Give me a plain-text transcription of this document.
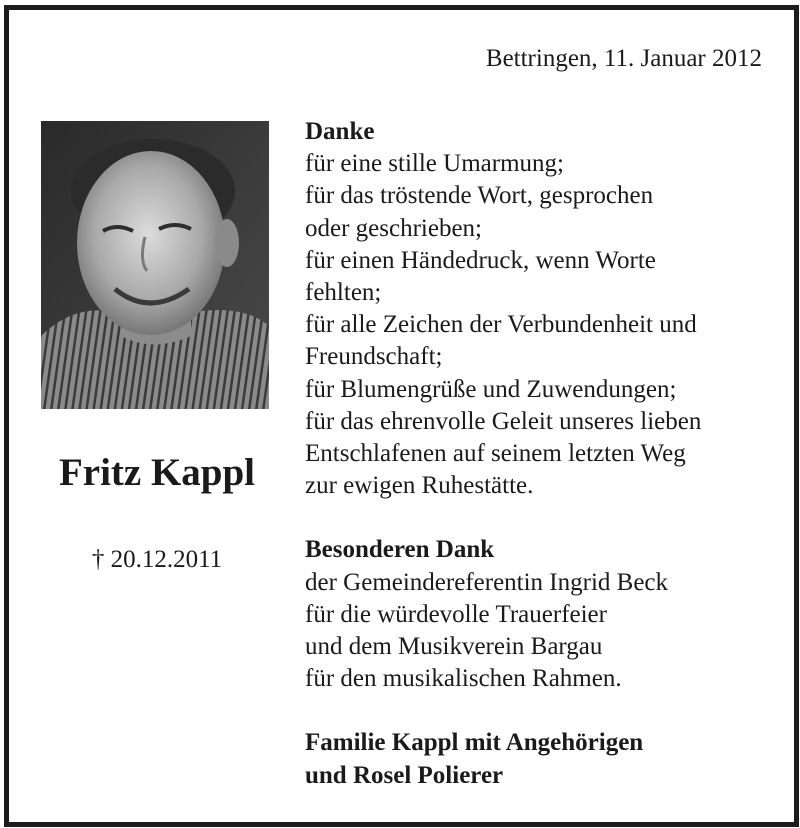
Bettringen, 11. Januar 2012
Fritz Kappl
† 20.12.2011
Danke
für eine stille Umarmung;
für das tröstende Wort, gesprochen
oder geschrieben;
für einen Händedruck, wenn Worte
fehlten;
für alle Zeichen der Verbundenheit und
Freundschaft;
für Blumengrüße und Zuwendungen;
für das ehrenvolle Geleit unseres lieben
Entschlafenen auf seinem letzten Weg
zur ewigen Ruhestätte.
Besonderen Dank
der Gemeindereferentin Ingrid Beck
für die würdevolle Trauerfeier
und dem Musikverein Bargau
für den musikalischen Rahmen.
Familie Kappl mit Angehörigen
und Rosel Polierer
